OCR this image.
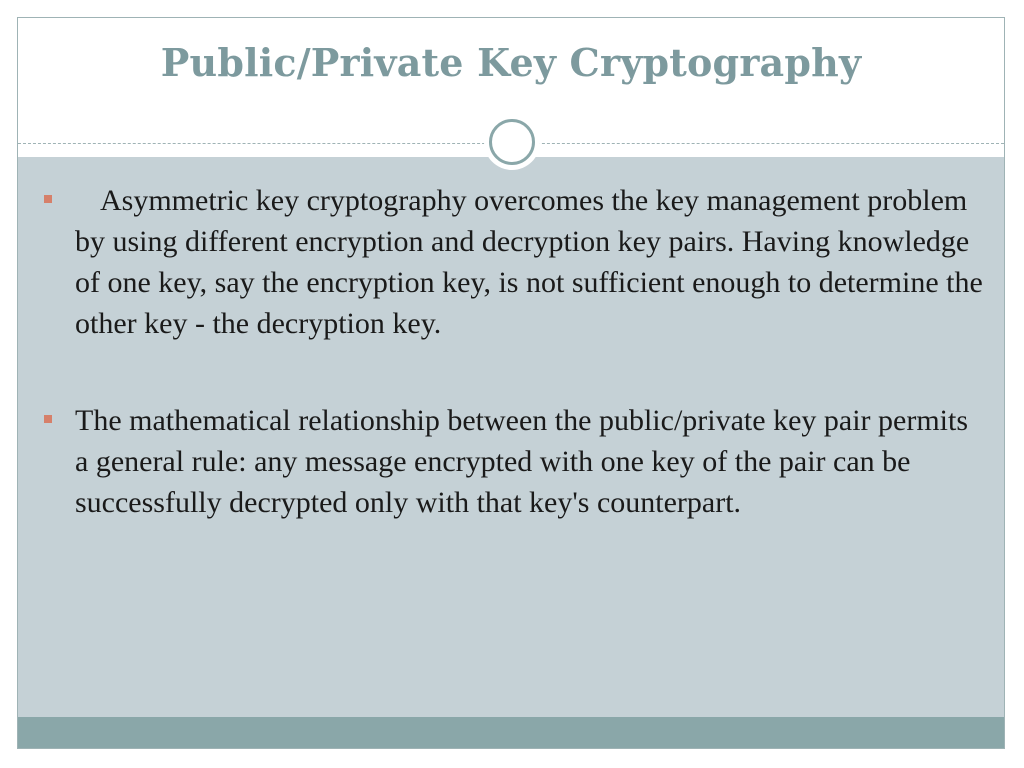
Public/Private Key Cryptography
Asymmetric key cryptography overcomes the key management problem by using different encryption and decryption key pairs. Having knowledge of one key, say the encryption key, is not sufficient enough to determine the other key - the decryption key.
The mathematical relationship between the public/private key pair permits a general rule: any message encrypted with one key of the pair can be successfully decrypted only with that key's counterpart.
